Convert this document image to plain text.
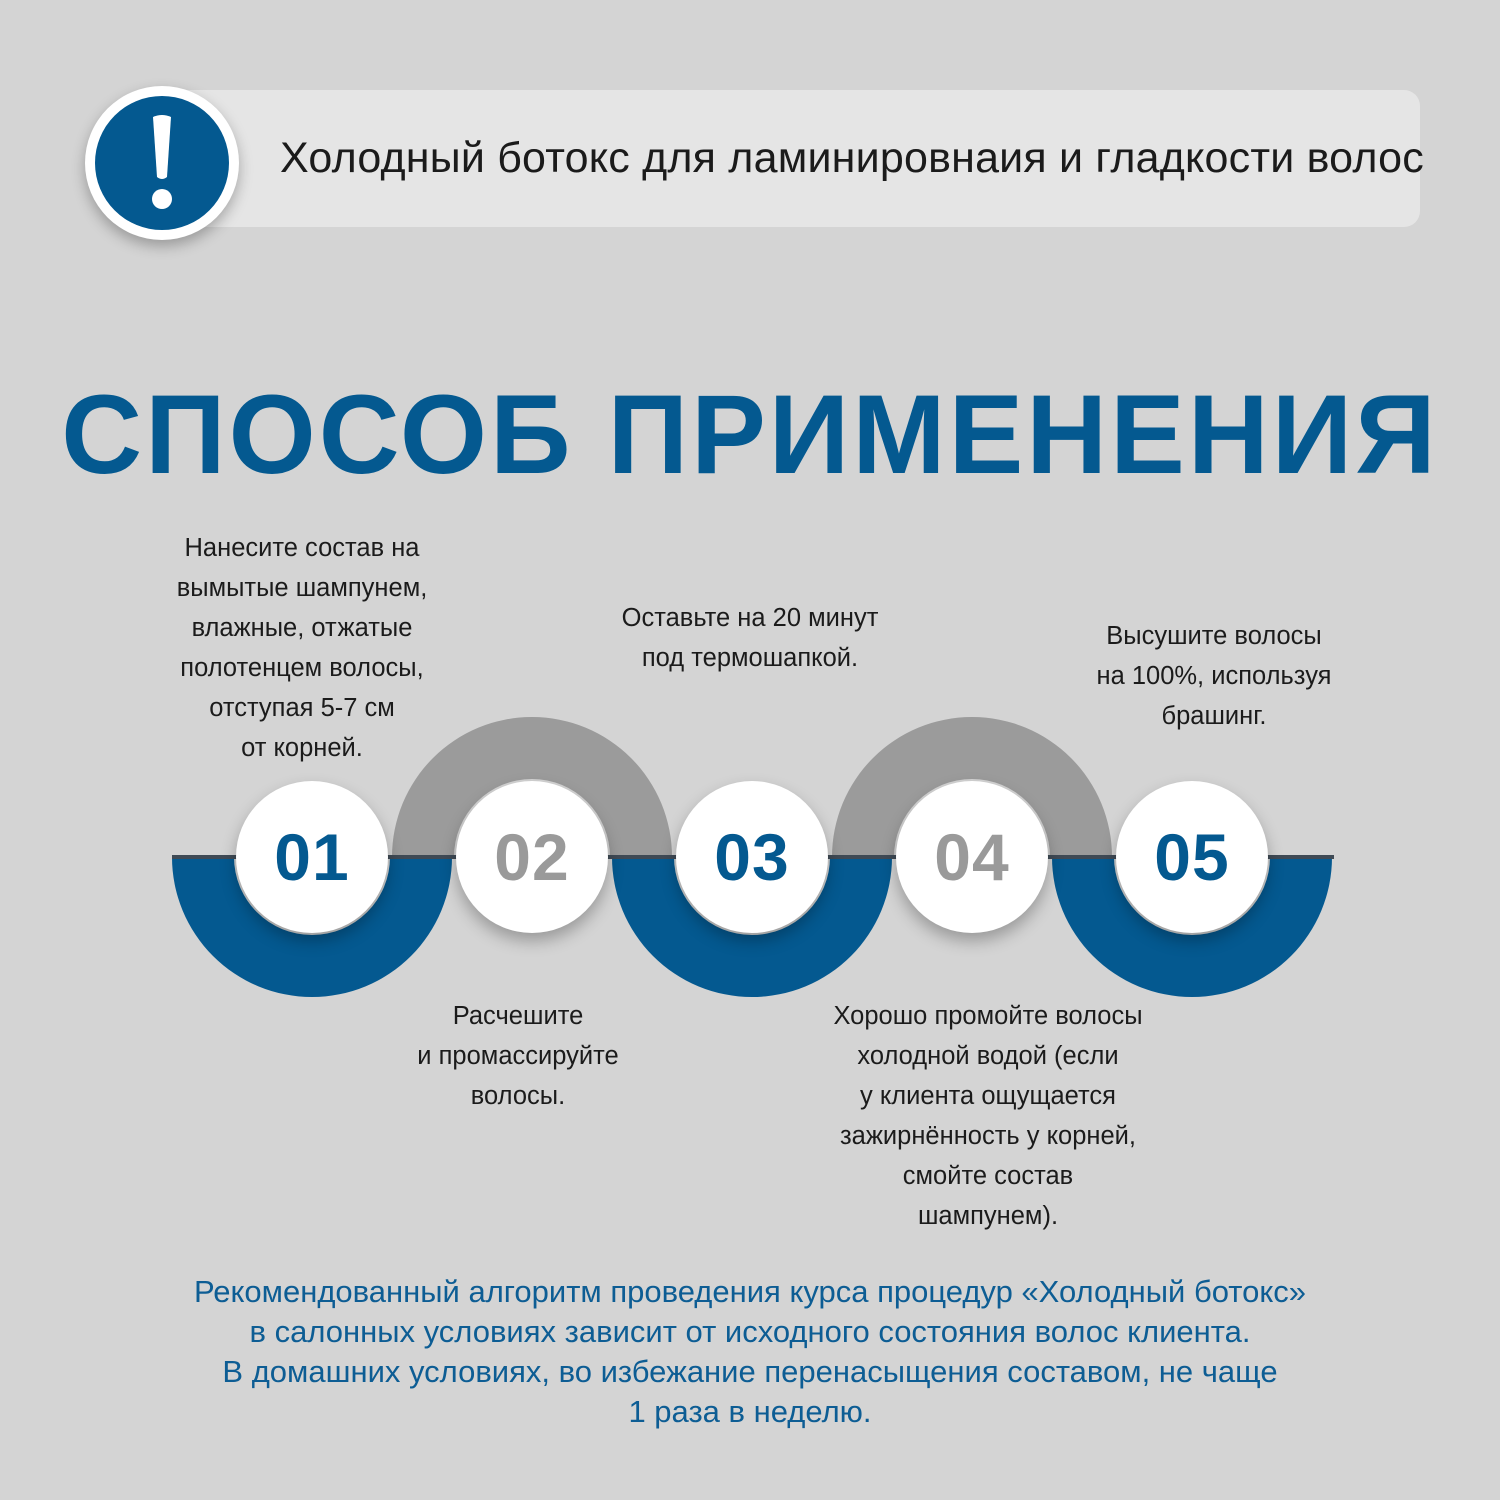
Холодный ботокс для ламинировнаия и гладкости волос
СПОСОБ ПРИМЕНЕНИЯ
01	02	03	04	05
Нанесите состав на
вымытые шампунем,
влажные, отжатые
полотенцем волосы,
отступая 5-7 см
от корней.
Расчешите
и промассируйте
волосы.
Оставьте на 20 минут
под термошапкой.
Хорошо промойте волосы
холодной водой (если
у клиента ощущается
зажирнённость у корней,
смойте состав
шампунем).
Высушите волосы
на 100%, используя
брашинг.
Рекомендованный алгоритм проведения курса процедур «Холодный ботокс»
в салонных условиях зависит от исходного состояния волос клиента.
В домашних условиях, во избежание перенасыщения составом, не чаще
1 раза в неделю.
